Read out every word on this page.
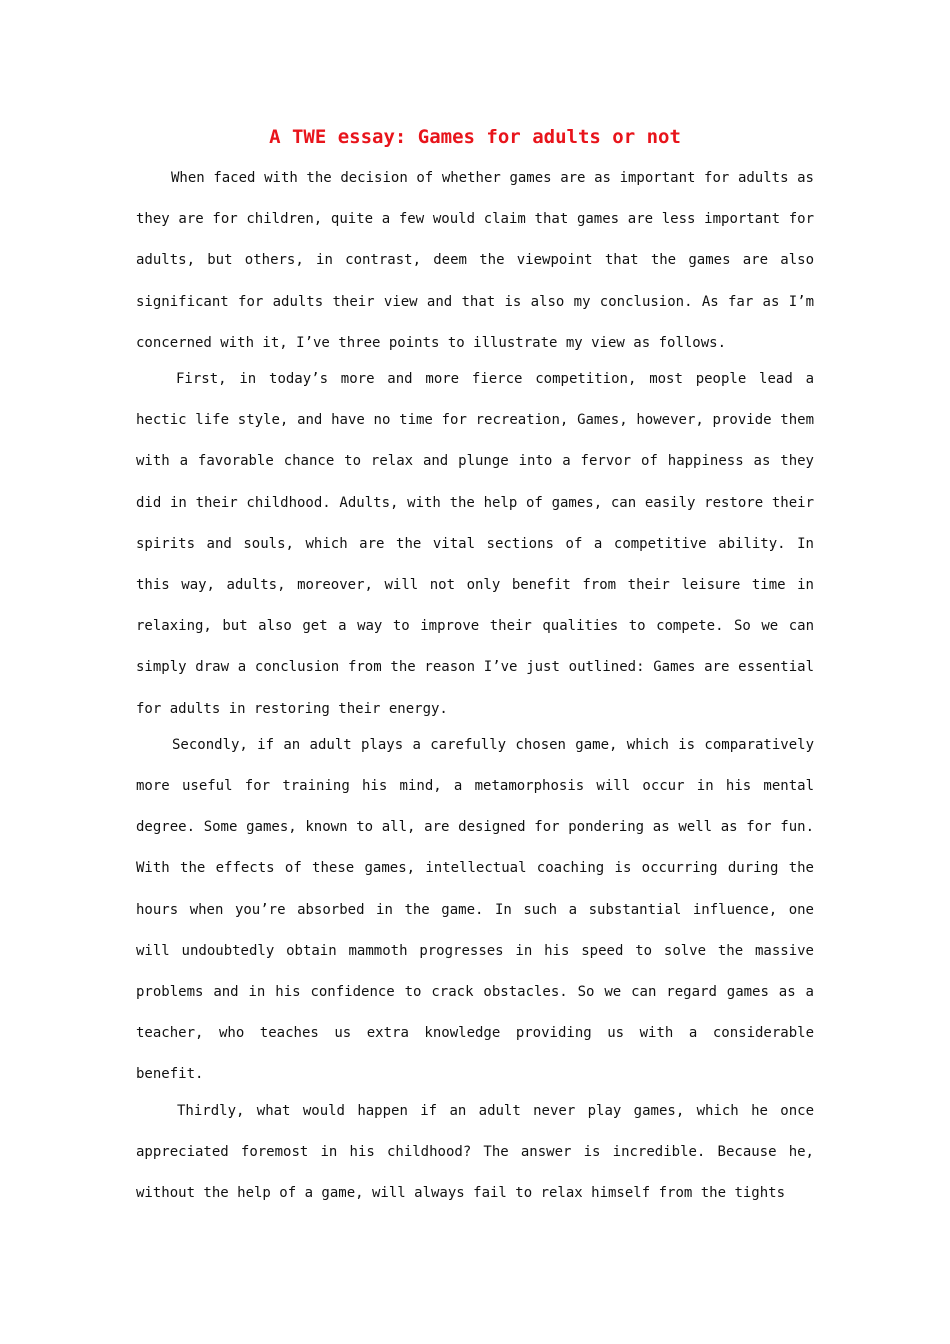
A TWE essay: Games for adults or not

When faced with the decision of whether games are as important for adults as they are for children, quite a few would claim that games are less important for adults, but others, in contrast, deem the viewpoint that the games are also significant for adults their view and that is also my conclusion. As far as I’m concerned with it, I’ve three points to illustrate my view as follows.

First, in today’s more and more fierce competition, most people lead a hectic life style, and have no time for recreation, Games, however, provide them with a favorable chance to relax and plunge into a fervor of happiness as they did in their childhood. Adults, with the help of games, can easily restore their spirits and souls, which are the vital sections of a competitive ability. In this way, adults, moreover, will not only benefit from their leisure time in relaxing, but also get a way to improve their qualities to compete. So we can simply draw a conclusion from the reason I’ve just outlined: Games are essential for adults in restoring their energy.

Secondly, if an adult plays a carefully chosen game, which is comparatively more useful for training his mind, a metamorphosis will occur in his mental degree. Some games, known to all, are designed for pondering as well as for fun. With the effects of these games, intellectual coaching is occurring during the hours when you’re absorbed in the game. In such a substantial influence, one will undoubtedly obtain mammoth progresses in his speed to solve the massive problems and in his confidence to crack obstacles. So we can regard games as a teacher, who teaches us extra knowledge providing us with a considerable benefit.

Thirdly, what would happen if an adult never play games, which he once appreciated foremost in his childhood? The answer is incredible. Because he, without the help of a game, will always fail to relax himself from the tights
